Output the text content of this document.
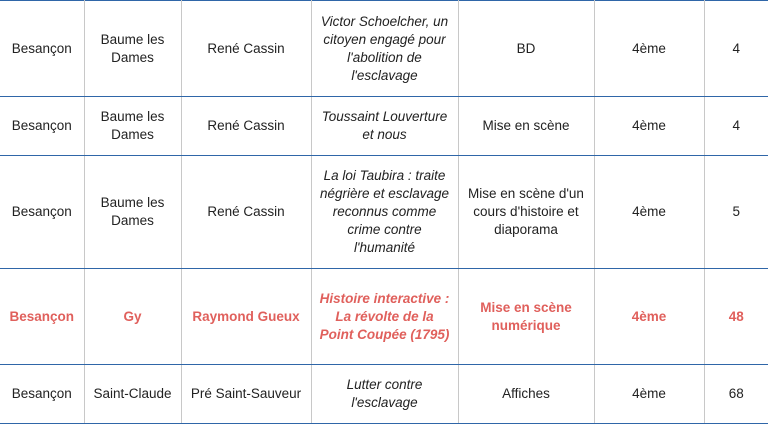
Besançon	Baume les Dames	René Cassin	Victor Schoelcher, un citoyen engagé pour l'abolition de l'esclavage	BD	4ème	4
Besançon	Baume les Dames	René Cassin	Toussaint Louverture et nous	Mise en scène	4ème	4
Besançon	Baume les Dames	René Cassin	La loi Taubira : traite négrière et esclavage reconnus comme crime contre l'humanité	Mise en scène d'un cours d'histoire et diaporama	4ème	5
Besançon	Gy	Raymond Gueux	Histoire interactive : La révolte de la Point Coupée (1795)	Mise en scène numérique	4ème	48
Besançon	Saint-Claude	Pré Saint-Sauveur	Lutter contre l'esclavage	Affiches	4ème	68
